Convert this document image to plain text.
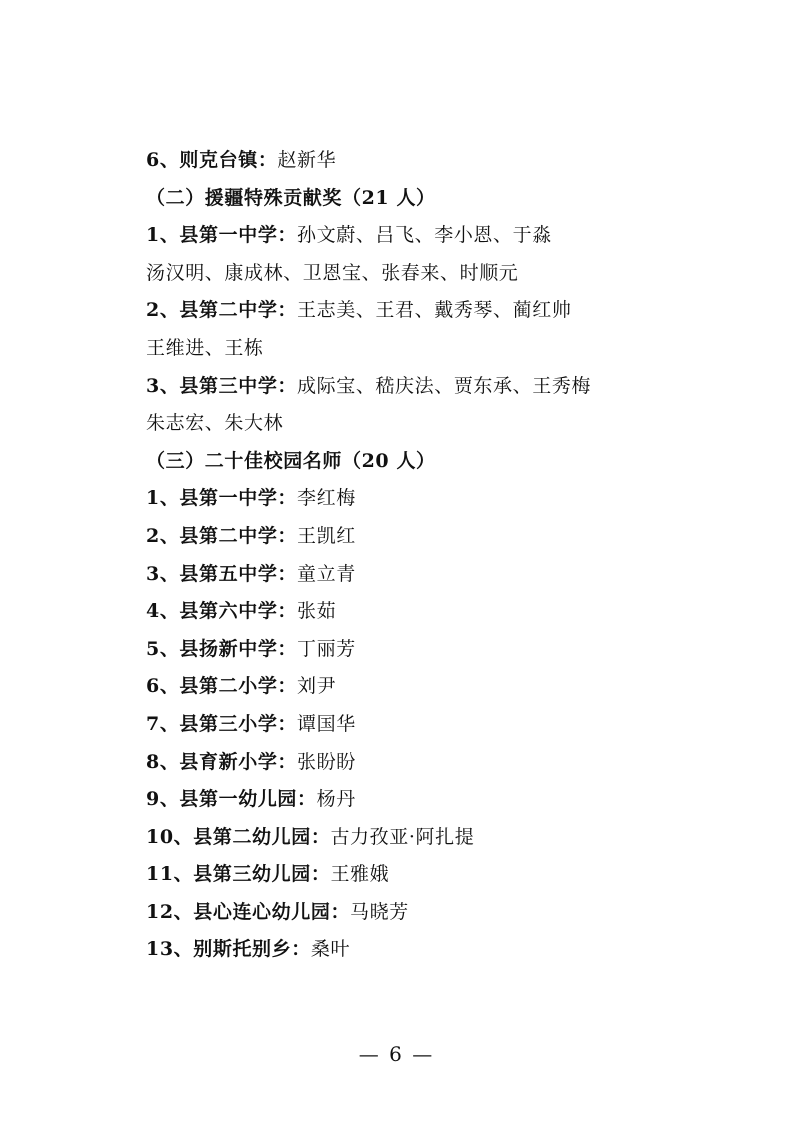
6、则克台镇：赵新华
（二）援疆特殊贡献奖（21 人）
1、县第一中学：孙文蔚、吕飞、李小恩、于淼
汤汉明、康成林、卫恩宝、张春来、时顺元
2、县第二中学：王志美、王君、戴秀琴、蔺红帅
王维进、王栋
3、县第三中学：成际宝、嵇庆法、贾东承、王秀梅
朱志宏、朱大林
（三）二十佳校园名师（20 人）
1、县第一中学：李红梅
2、县第二中学：王凯红
3、县第五中学：童立青
4、县第六中学：张茹
5、县扬新中学：丁丽芳
6、县第二小学：刘尹
7、县第三小学：谭国华
8、县育新小学：张盼盼
9、县第一幼儿园：杨丹
10、县第二幼儿园：古力孜亚·阿扎提
11、县第三幼儿园：王雅娥
12、县心连心幼儿园：马晓芳
13、别斯托别乡：桑叶
— 6 —
